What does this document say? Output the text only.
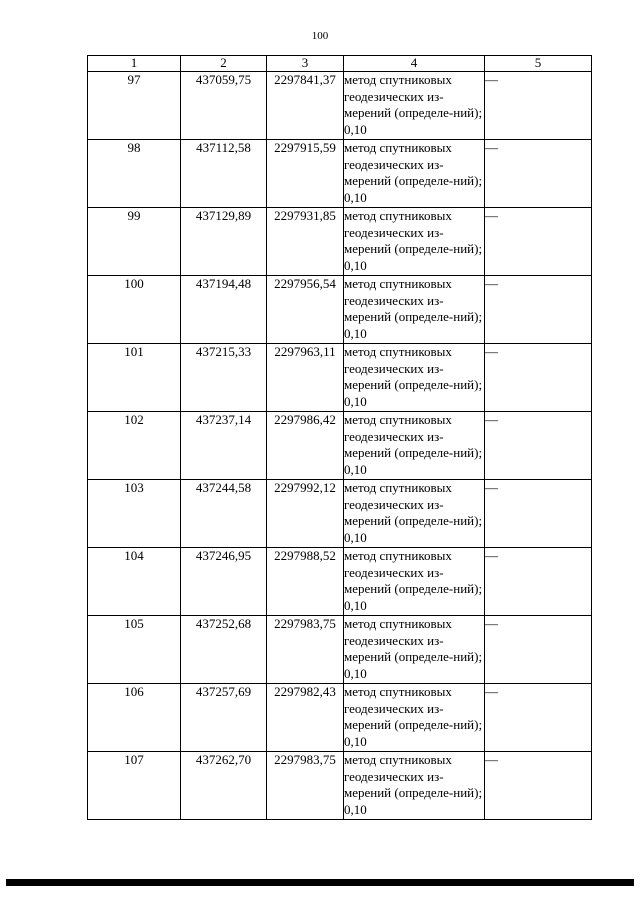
100
1	2	3	4	5
97	437059,75	2297841,37	метод спутниковых геодезических из-мерений (определе-ний); 0,10	—
98	437112,58	2297915,59	метод спутниковых геодезических из-мерений (определе-ний); 0,10	—
99	437129,89	2297931,85	метод спутниковых геодезических из-мерений (определе-ний); 0,10	—
100	437194,48	2297956,54	метод спутниковых геодезических из-мерений (определе-ний); 0,10	—
101	437215,33	2297963,11	метод спутниковых геодезических из-мерений (определе-ний); 0,10	—
102	437237,14	2297986,42	метод спутниковых геодезических из-мерений (определе-ний); 0,10	—
103	437244,58	2297992,12	метод спутниковых геодезических из-мерений (определе-ний); 0,10	—
104	437246,95	2297988,52	метод спутниковых геодезических из-мерений (определе-ний); 0,10	—
105	437252,68	2297983,75	метод спутниковых геодезических из-мерений (определе-ний); 0,10	—
106	437257,69	2297982,43	метод спутниковых геодезических из-мерений (определе-ний); 0,10	—
107	437262,70	2297983,75	метод спутниковых геодезических из-мерений (определе-ний); 0,10	—
